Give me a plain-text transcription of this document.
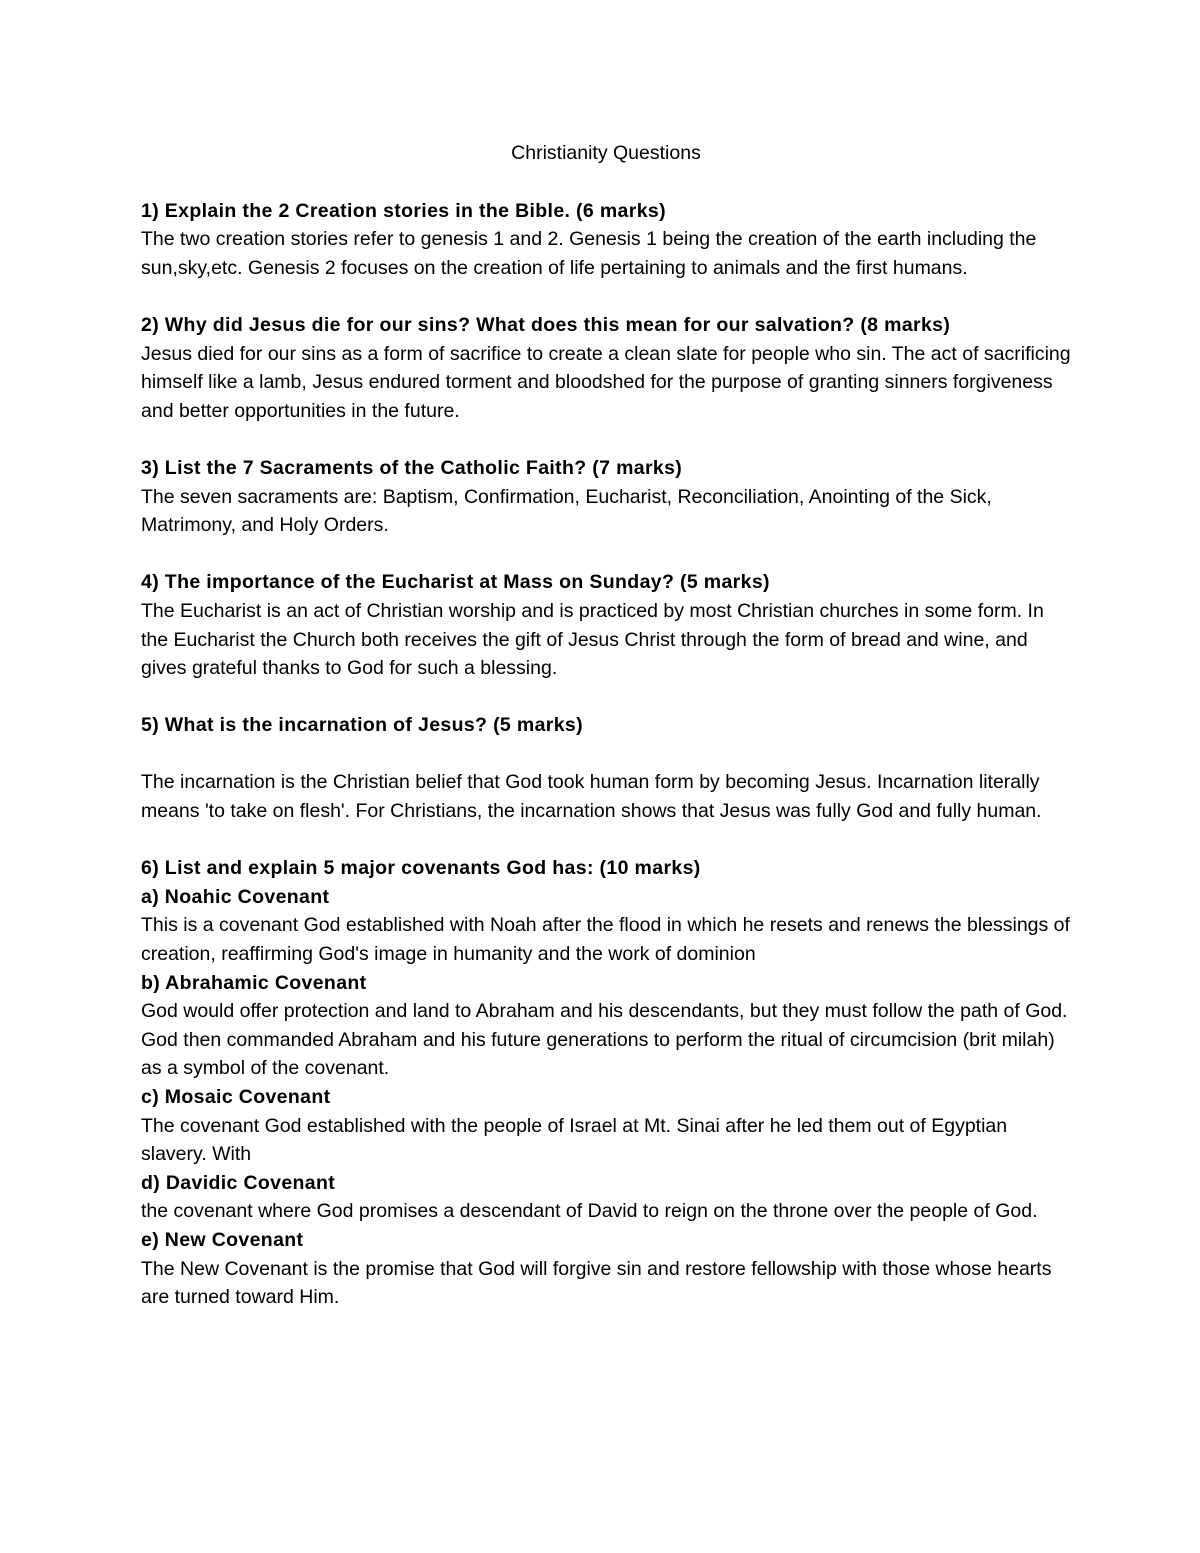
Christianity Questions
1) Explain the 2 Creation stories in the Bible. (6 marks)
The two creation stories refer to genesis 1 and 2. Genesis 1 being the creation of the earth including the sun,sky,etc. Genesis 2 focuses on the creation of life pertaining to animals and the first humans.
2) Why did Jesus die for our sins? What does this mean for our salvation? (8 marks)
Jesus died for our sins as a form of sacrifice to create a clean slate for people who sin. The act of sacrificing himself like a lamb, Jesus endured torment and bloodshed for the purpose of granting sinners forgiveness and better opportunities in the future.
3) List the 7 Sacraments of the Catholic Faith? (7 marks)
The seven sacraments are: Baptism, Confirmation, Eucharist, Reconciliation, Anointing of the Sick, Matrimony, and Holy Orders.
4) The importance of the Eucharist at Mass on Sunday? (5 marks)
The Eucharist is an act of Christian worship and is practiced by most Christian churches in some form. In the Eucharist the Church both receives the gift of Jesus Christ through the form of bread and wine, and gives grateful thanks to God for such a blessing.
5) What is the incarnation of Jesus? (5 marks)
The incarnation is the Christian belief that God took human form by becoming Jesus. Incarnation literally means 'to take on flesh'. For Christians, the incarnation shows that Jesus was fully God and fully human.
6) List and explain 5 major covenants God has: (10 marks)
a) Noahic Covenant
This is a covenant God established with Noah after the flood in which he resets and renews the blessings of creation, reaffirming God's image in humanity and the work of dominion
b) Abrahamic Covenant
God would offer protection and land to Abraham and his descendants, but they must follow the path of God. God then commanded Abraham and his future generations to perform the ritual of circumcision (brit milah) as a symbol of the covenant.
c) Mosaic Covenant
The covenant God established with the people of Israel at Mt. Sinai after he led them out of Egyptian slavery. With
d) Davidic Covenant
the covenant where God promises a descendant of David to reign on the throne over the people of God.
e) New Covenant
The New Covenant is the promise that God will forgive sin and restore fellowship with those whose hearts are turned toward Him.
